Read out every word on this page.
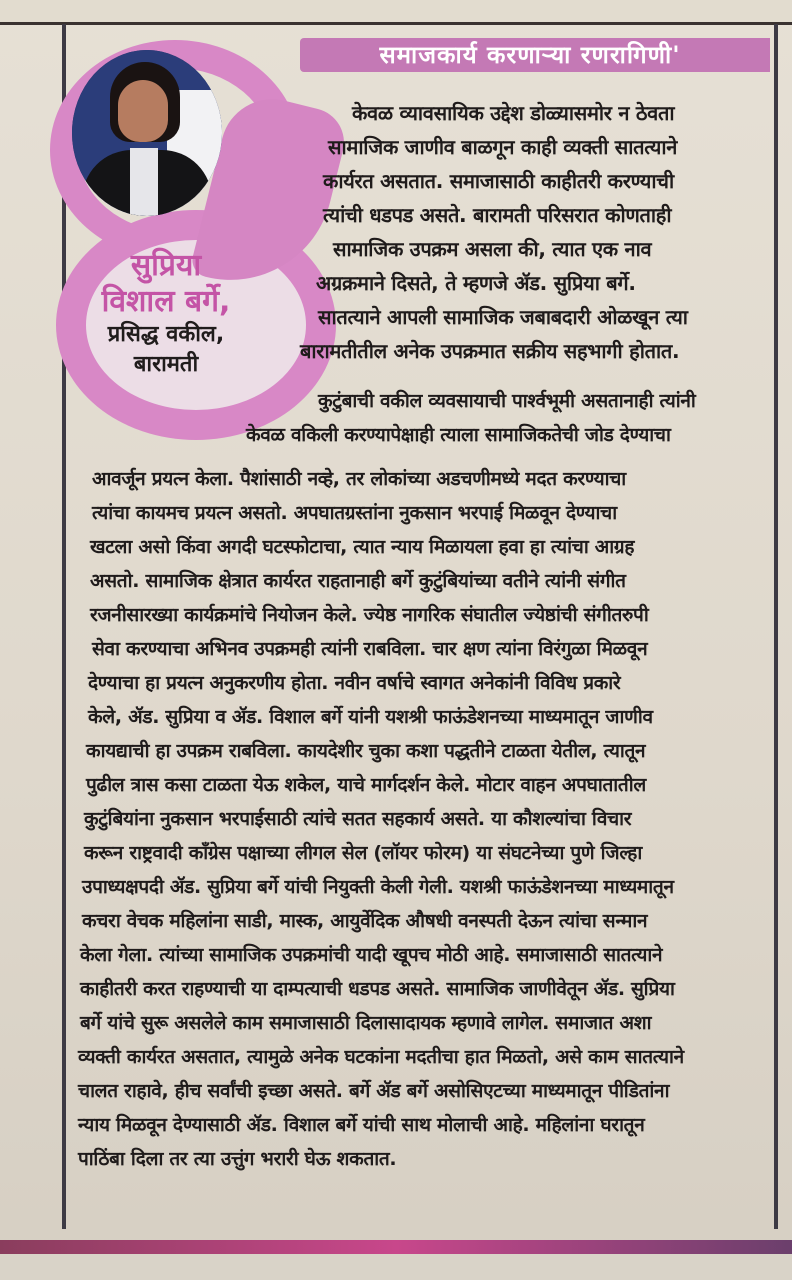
समाजकार्य करणाऱ्या रणरागिणी'
सुप्रिया
विशाल बर्गे,
प्रसिद्ध वकील,
बारामती
केवळ व्यावसायिक उद्देश डोळ्यासमोर न ठेवता
सामाजिक जाणीव बाळगून काही व्यक्ती सातत्याने
कार्यरत असतात. समाजासाठी काहीतरी करण्याची
त्यांची धडपड असते. बारामती परिसरात कोणताही
सामाजिक उपक्रम असला की, त्यात एक नाव
अग्रक्रमाने दिसते, ते म्हणजे ॲड. सुप्रिया बर्गे.
सातत्याने आपली सामाजिक जबाबदारी ओळखून त्या
बारामतीतील अनेक उपक्रमात सक्रीय सहभागी होतात.
कुटुंबाची वकील व्यवसायाची पार्श्वभूमी असतानाही त्यांनी
केवळ वकिली करण्यापेक्षाही त्याला सामाजिकतेची जोड देण्याचा
आवर्जून प्रयत्न केला. पैशांसाठी नव्हे, तर लोकांच्या अडचणीमध्ये मदत करण्याचा
त्यांचा कायमच प्रयत्न असतो. अपघातग्रस्तांना नुकसान भरपाई मिळवून देण्याचा
खटला असो किंवा अगदी घटस्फोटाचा, त्यात न्याय मिळायला हवा हा त्यांचा आग्रह
असतो. सामाजिक क्षेत्रात कार्यरत राहतानाही बर्गे कुटुंबियांच्या वतीने त्यांनी संगीत
रजनीसारख्या कार्यक्रमांचे नियोजन केले. ज्येष्ठ नागरिक संघातील ज्येष्ठांची संगीतरुपी
सेवा करण्याचा अभिनव उपक्रमही त्यांनी राबविला. चार क्षण त्यांना विरंगुळा मिळवून
देण्याचा हा प्रयत्न अनुकरणीय होता. नवीन वर्षाचे स्वागत अनेकांनी विविध प्रकारे
केले, ॲड. सुप्रिया व ॲड. विशाल बर्गे यांनी यशश्री फाऊंडेशनच्या माध्यमातून जाणीव
कायद्याची हा उपक्रम राबविला. कायदेशीर चुका कशा पद्धतीने टाळता येतील, त्यातून
पुढील त्रास कसा टाळता येऊ शकेल, याचे मार्गदर्शन केले. मोटार वाहन अपघातातील
कुटुंबियांना नुकसान भरपाईसाठी त्यांचे सतत सहकार्य असते. या कौशल्यांचा विचार
करून राष्ट्रवादी काँग्रेस पक्षाच्या लीगल सेल (लॉयर फोरम) या संघटनेच्या पुणे जिल्हा
उपाध्यक्षपदी ॲड. सुप्रिया बर्गे यांची नियुक्ती केली गेली. यशश्री फाऊंडेशनच्या माध्यमातून
कचरा वेचक महिलांना साडी, मास्क, आयुर्वेदिक औषधी वनस्पती देऊन त्यांचा सन्मान
केला गेला. त्यांच्या सामाजिक उपक्रमांची यादी खूपच मोठी आहे. समाजासाठी सातत्याने
काहीतरी करत राहण्याची या दाम्पत्याची धडपड असते. सामाजिक जाणीवेतून ॲड. सुप्रिया
बर्गे यांचे सुरू असलेले काम समाजासाठी दिलासादायक म्हणावे लागेल. समाजात अशा
व्यक्ती कार्यरत असतात, त्यामुळे अनेक घटकांना मदतीचा हात मिळतो, असे काम सातत्याने
चालत राहावे, हीच सर्वांची इच्छा असते. बर्गे ॲड बर्गे असोसिएटच्या माध्यमातून पीडितांना
न्याय मिळवून देण्यासाठी ॲड. विशाल बर्गे यांची साथ मोलाची आहे. महिलांना घरातून
पाठिंबा दिला तर त्या उत्तुंग भरारी घेऊ शकतात.
